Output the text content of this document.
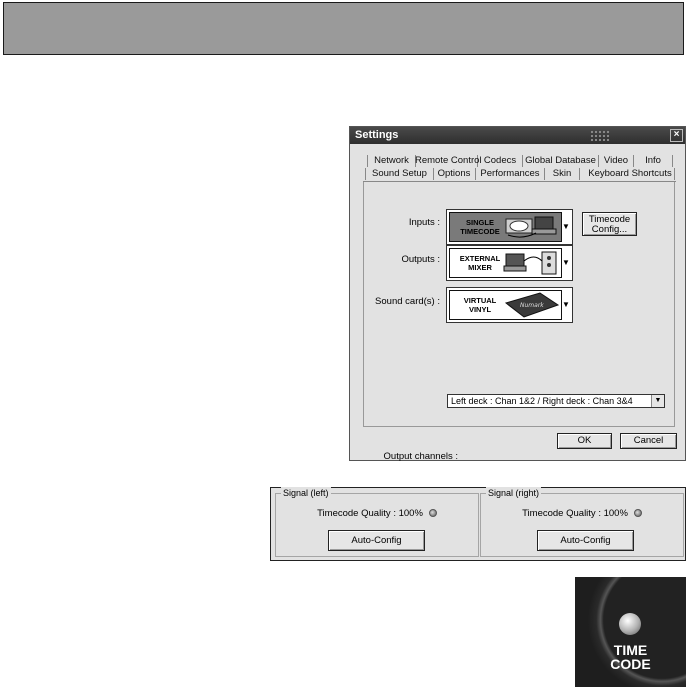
Settings	×
Network Remote Control Codecs Global Database Video	Info
Sound Setup	Options	Performances	Skin	Keyboard Shortcuts
Inputs :	SINGLE TIMECODE
▼
Outputs :	EXTERNAL MIXER
▼
Sound card(s) :	VIRTUAL VINYL	Numark ▼
Timecode Config...
Output channels :
Left deck : Chan 1&2 / Right deck : Chan 3&4	▼
OK	Cancel
Signal (left)
Timecode Quality : 100%
Auto-Config
Signal (right)
Timecode Quality : 100%
Auto-Config
TIME
CODE
